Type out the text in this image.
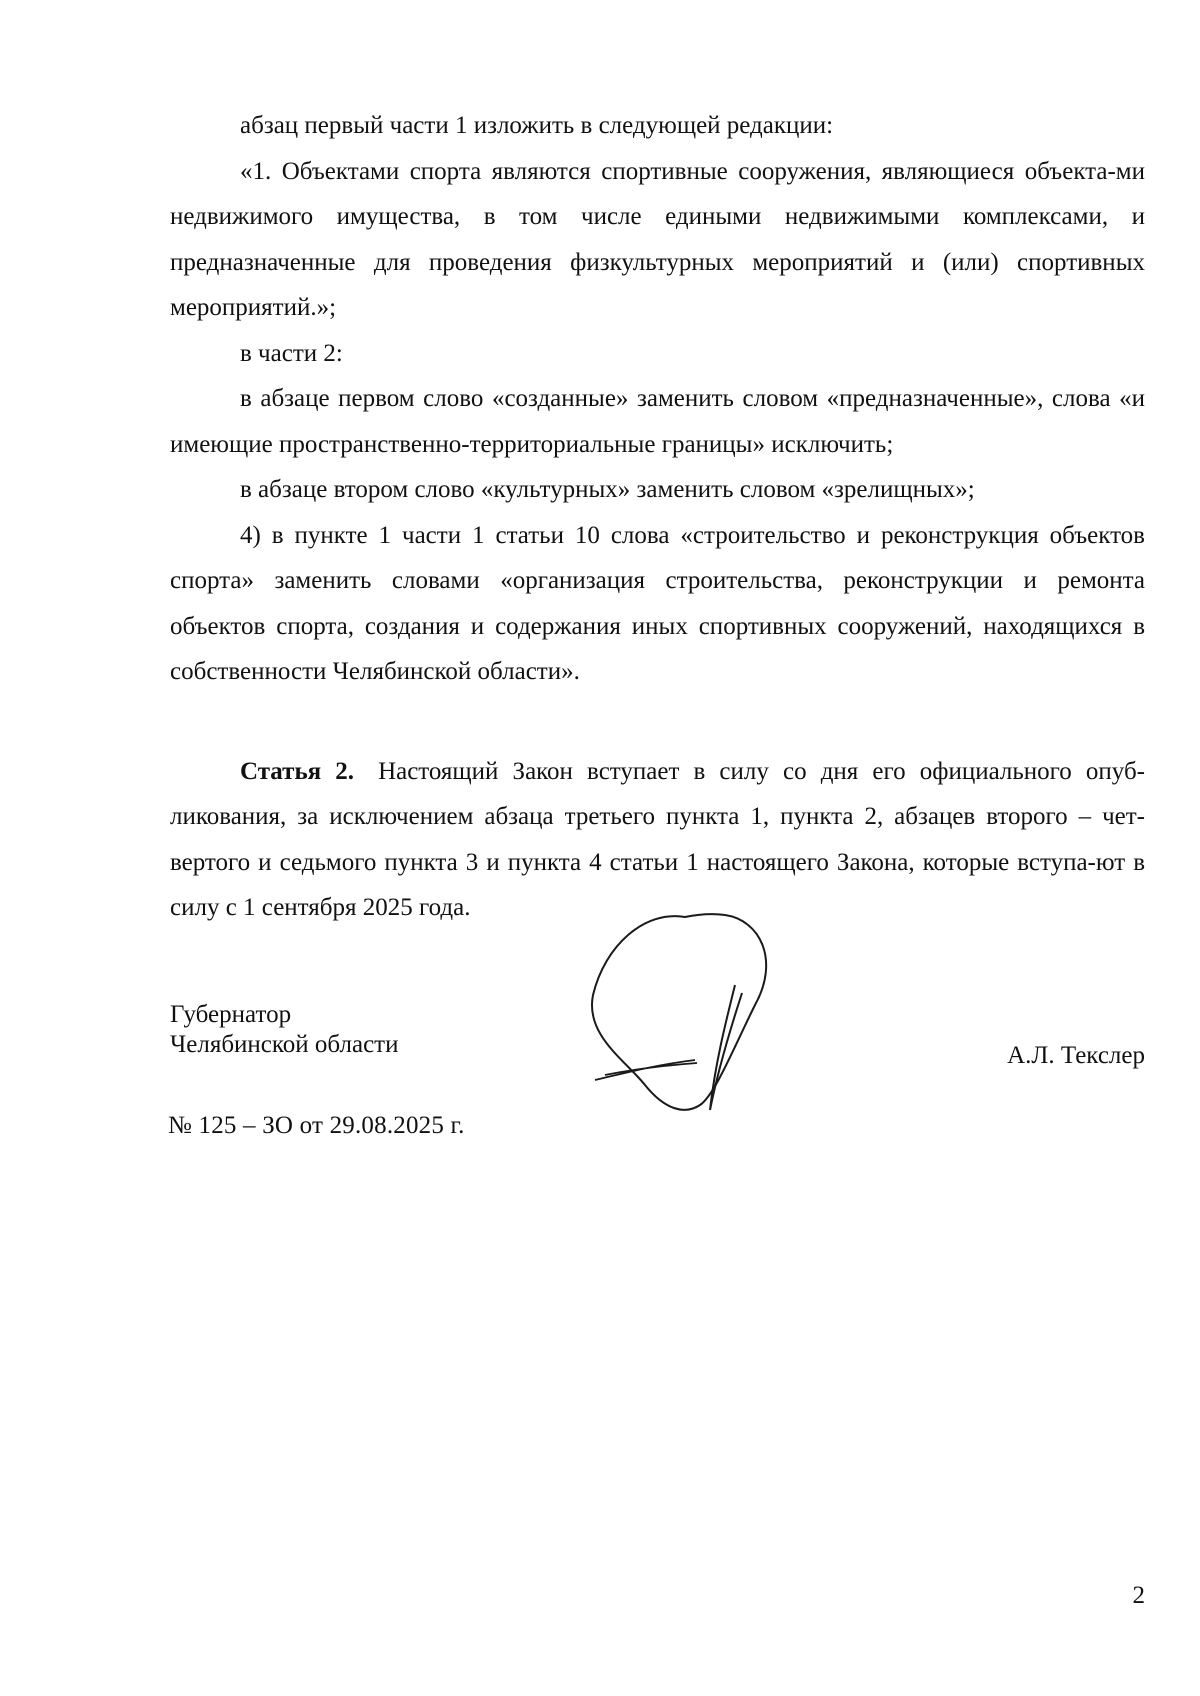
абзац первый части 1 изложить в следующей редакции:

«1. Объектами спорта являются спортивные сооружения, являющиеся объекта-ми недвижимого имущества, в том числе едиными недвижимыми комплексами, и предназначенные для проведения физкультурных мероприятий и (или) спортивных мероприятий.»;

в части 2:

в абзаце первом слово «созданные» заменить словом «предназначенные», слова «и имеющие пространственно-территориальные границы» исключить;

в абзаце втором слово «культурных» заменить словом «зрелищных»;

4) в пункте 1 части 1 статьи 10 слова «строительство и реконструкция объектов спорта» заменить словами «организация строительства, реконструкции и ремонта объектов спорта, создания и содержания иных спортивных сооружений, находящихся в собственности Челябинской области».

Статья 2. Настоящий Закон вступает в силу со дня его официального опуб-ликования, за исключением абзаца третьего пункта 1, пункта 2, абзацев второго – чет-вертого и седьмого пункта 3 и пункта 4 статьи 1 настоящего Закона, которые вступа-ют в силу с 1 сентября 2025 года.

Губернатор
Челябинской области	А.Л. Текслер
№ 125 – ЗО от 29.08.2025 г.
2
